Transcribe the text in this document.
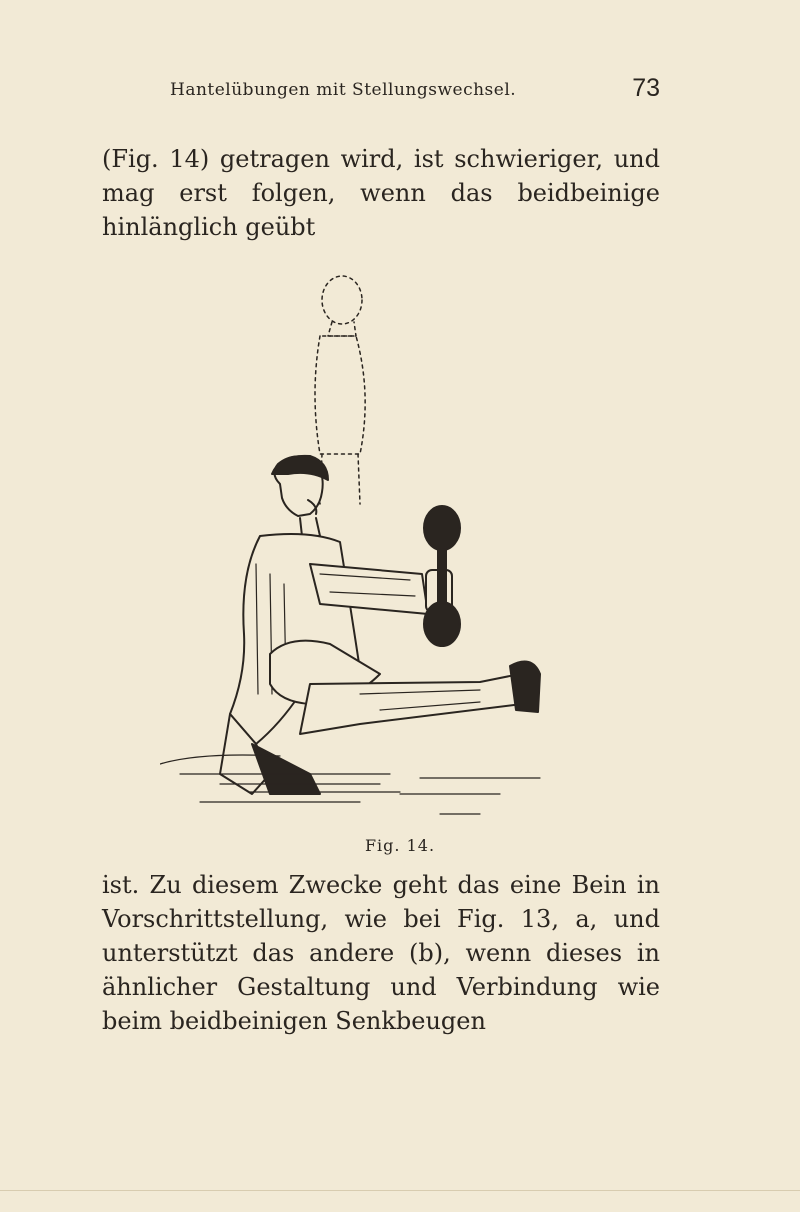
Hantelübungen mit Stellungswechsel.	73

(Fig. 14) getragen wird, ist schwieriger, und mag erst folgen, wenn das beidbeinige hinlänglich geübt

Fig. 14.

ist. Zu diesem Zwecke geht das eine Bein in Vorschrittstellung, wie bei Fig. 13, a, und unterstützt das andere (b), wenn dieses in ähnlicher Gestaltung und Verbindung wie beim beidbeinigen Senkbeugen
